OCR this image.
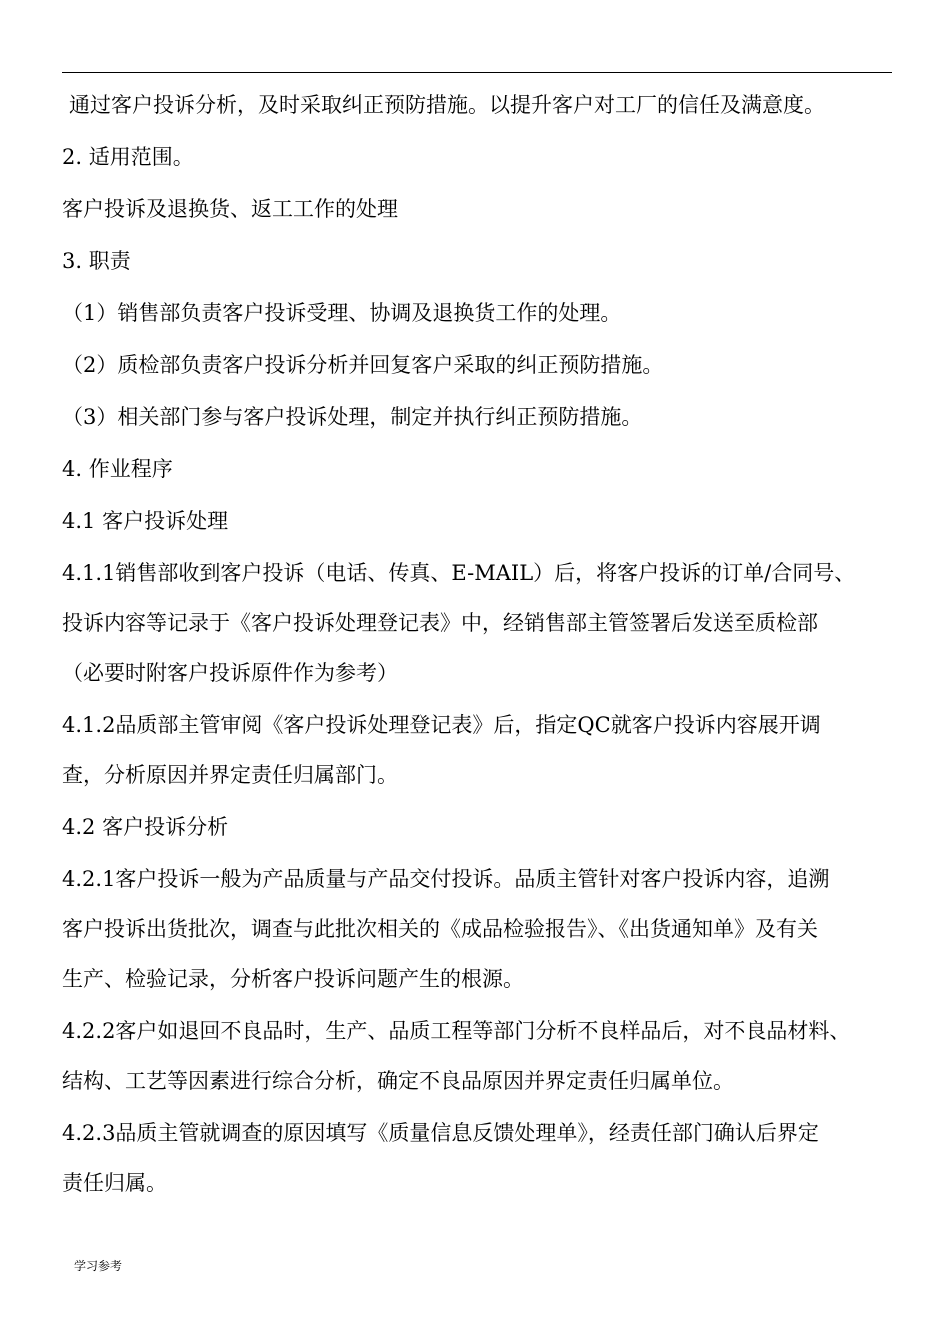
通过客户投诉分析，及时采取纠正预防措施。以提升客户对工厂的信任及满意度。
2. 适用范围。
客户投诉及退换货、返工工作的处理
3. 职责
（1）销售部负责客户投诉受理、协调及退换货工作的处理。
（2）质检部负责客户投诉分析并回复客户采取的纠正预防措施。
（3）相关部门参与客户投诉处理，制定并执行纠正预防措施。
4. 作业程序
4.1 客户投诉处理
4.1.1销售部收到客户投诉（电话、传真、E-MAIL）后，将客户投诉的订单/合同号、
投诉内容等记录于《客户投诉处理登记表》中，经销售部主管签署后发送至质检部
（必要时附客户投诉原件作为参考）
4.1.2品质部主管审阅《客户投诉处理登记表》后，指定QC就客户投诉内容展开调
查，分析原因并界定责任归属部门。
4.2 客户投诉分析
4.2.1客户投诉一般为产品质量与产品交付投诉。品质主管针对客户投诉内容，追溯
客户投诉出货批次，调查与此批次相关的《成品检验报告》、《出货通知单》及有关
生产、检验记录，分析客户投诉问题产生的根源。
4.2.2客户如退回不良品时，生产、品质工程等部门分析不良样品后，对不良品材料、
结构、工艺等因素进行综合分析，确定不良品原因并界定责任归属单位。
4.2.3品质主管就调查的原因填写《质量信息反馈处理单》，经责任部门确认后界定
责任归属。
学习参考
